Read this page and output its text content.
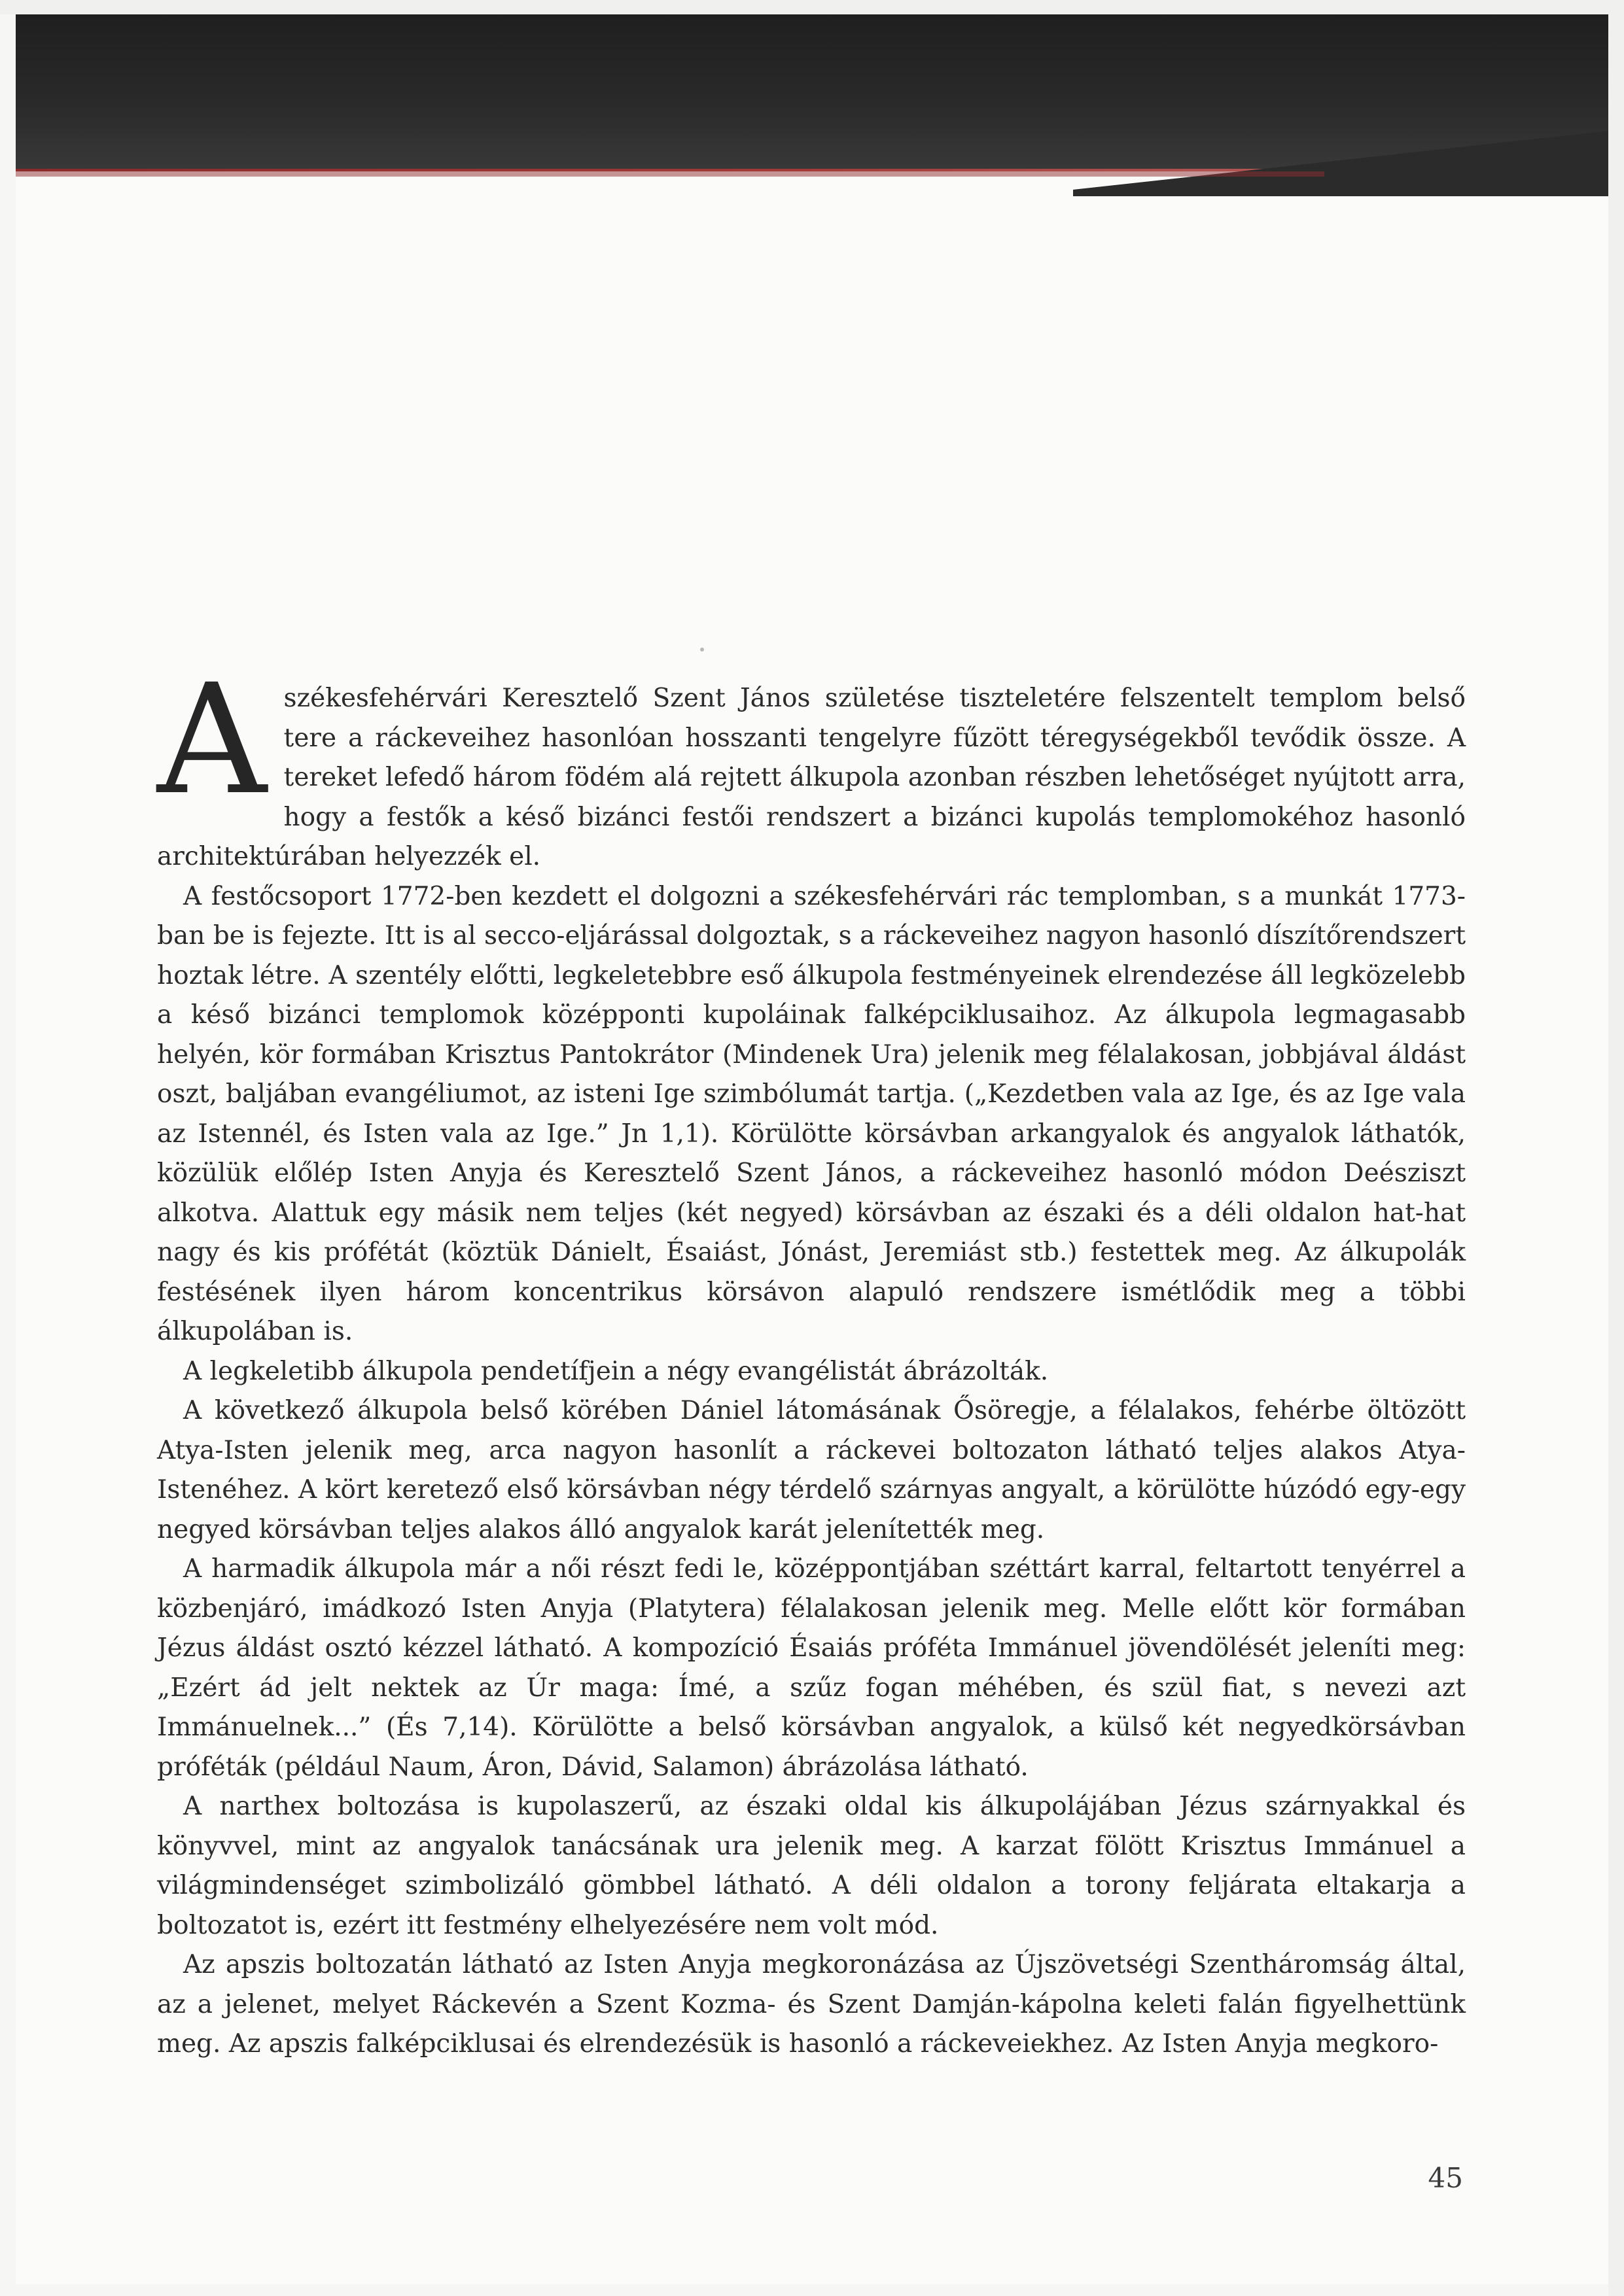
Aszékesfehérvári Keresztelő Szent János születése tiszteletére felszentelt templom belső tere a ráckeveihez hasonlóan hosszanti tengelyre fűzött téregységekből tevődik össze. A tereket lefedő három födém alá rejtett álkupola azonban részben lehetőséget nyújtott arra, hogy a festők a késő bizánci festői rendszert a bizánci kupolás templomokéhoz hasonló architektúrában helyezzék el.

A festőcsoport 1772-ben kezdett el dolgozni a székesfehérvári rác templomban, s a munkát 1773-ban be is fejezte. Itt is al secco-eljárással dolgoztak, s a ráckeveihez nagyon hasonló díszítőrendszert hoztak létre. A szentély előtti, legkeletebbre eső álkupola festményeinek elrendezése áll legközelebb a késő bizánci templomok középponti kupoláinak falképciklusaihoz. Az álkupola legmagasabb helyén, kör formában Krisztus Pantokrátor (Mindenek Ura) jelenik meg félalakosan, jobbjával áldást oszt, baljában evangéliumot, az isteni Ige szimbólumát tartja. („Kezdetben vala az Ige, és az Ige vala az Istennél, és Isten vala az Ige.” Jn 1,1). Körülötte körsávban arkangyalok és angyalok láthatók, közülük előlép Isten Anyja és Keresztelő Szent János, a ráckeveihez hasonló módon Deésziszt alkotva. Alattuk egy másik nem teljes (két negyed) körsávban az északi és a déli oldalon hat-hat nagy és kis prófétát (köztük Dánielt, Ésaiást, Jónást, Jeremiást stb.) festettek meg. Az álkupolák festésének ilyen három koncentrikus körsávon alapuló rendszere ismétlődik meg a többi álkupolában is.

A legkeletibb álkupola pendetífjein a négy evangélistát ábrázolták.

A következő álkupola belső körében Dániel látomásának Ősöregje, a félalakos, fehérbe öltözött Atya-Isten jelenik meg, arca nagyon hasonlít a ráckevei boltozaton látható teljes alakos Atya-Istenéhez. A kört keretező első körsávban négy térdelő szárnyas angyalt, a körülötte húzódó egy-egy negyed körsávban teljes alakos álló angyalok karát jelenítették meg.

A harmadik álkupola már a női részt fedi le, középpontjában széttárt karral, feltartott tenyérrel a közbenjáró, imádkozó Isten Anyja (Platytera) félalakosan jelenik meg. Melle előtt kör formában Jézus áldást osztó kézzel látható. A kompozíció Ésaiás próféta Immánuel jövendölését jeleníti meg: „Ezért ád jelt nektek az Úr maga: Ímé, a szűz fogan méhében, és szül fiat, s nevezi azt Immánuelnek...” (És 7,14). Körülötte a belső körsávban angyalok, a külső két negyedkörsávban próféták (például Naum, Áron, Dávid, Salamon) ábrázolása látható.

A narthex boltozása is kupolaszerű, az északi oldal kis álkupolájában Jézus szárnyakkal és könyvvel, mint az angyalok tanácsának ura jelenik meg. A karzat fölött Krisztus Immánuel a világmindenséget szimbolizáló gömbbel látható. A déli oldalon a torony feljárata eltakarja a boltozatot is, ezért itt festmény elhelyezésére nem volt mód.

Az apszis boltozatán látható az Isten Anyja megkoronázása az Újszövetségi Szentháromság által, az a jelenet, melyet Ráckevén a Szent Kozma- és Szent Damján-kápolna keleti falán figyelhettünk meg. Az apszis falképciklusai és elrendezésük is hasonló a ráckeveiekhez. Az Isten Anyja megkoro-

45
